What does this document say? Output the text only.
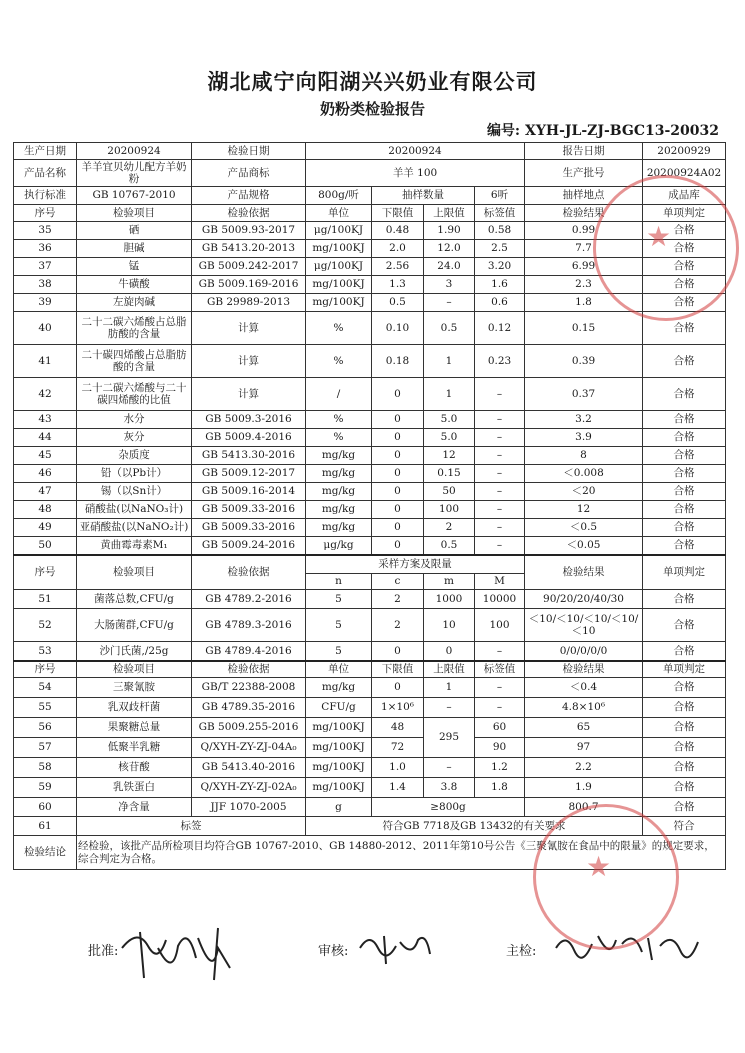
湖北咸宁向阳湖兴兴奶业有限公司
奶粉类检验报告
编号: XYH-JL-ZJ-BGC13-20032
生产日期	20200924	检验日期	20200924				报告日期	20200929
产品名称	羊羊宜贝幼儿配方羊奶粉	产品商标	羊羊 100				生产批号	20200924A02
执行标准	GB 10767-2010	产品规格	800g/听	抽样数量		6听	抽样地点	成品库
序号	检验项目	检验依据	单位	下限值	上限值	标签值	检验结果	单项判定
35	硒	GB 5009.93-2017	μg/100KJ	0.48	1.90	0.58	0.99	合格
36	胆碱	GB 5413.20-2013	mg/100KJ	2.0	12.0	2.5	7.7	合格
37	锰	GB 5009.242-2017	μg/100KJ	2.56	24.0	3.20	6.99	合格
38	牛磺酸	GB 5009.169-2016	mg/100KJ	1.3	3	1.6	2.3	合格
39	左旋肉碱	GB 29989-2013	mg/100KJ	0.5	–	0.6	1.8	合格
40	二十二碳六烯酸占总脂肪酸的含量	计算	%	0.10	0.5	0.12	0.15	合格
41	二十碳四烯酸占总脂肪酸的含量	计算	%	0.18	1	0.23	0.39	合格
42	二十二碳六烯酸与二十碳四烯酸的比值	计算	/	0	1	–	0.37	合格
43	水分	GB 5009.3-2016	%	0	5.0	–	3.2	合格
44	灰分	GB 5009.4-2016	%	0	5.0	–	3.9	合格
45	杂质度	GB 5413.30-2016	mg/kg	0	12	–	8	合格
46	铅（以Pb计）	GB 5009.12-2017	mg/kg	0	0.15	–	＜0.008	合格
47	锡（以Sn计）	GB 5009.16-2014	mg/kg	0	50	–	＜20	合格
48	硝酸盐(以NaNO₃计)	GB 5009.33-2016	mg/kg	0	100	–	12	合格
49	亚硝酸盐(以NaNO₂计)	GB 5009.33-2016	mg/kg	0	2	–	＜0.5	合格
50	黄曲霉毒素M₁	GB 5009.24-2016	μg/kg	0	0.5	–	＜0.05	合格
序号	检验项目	检验依据	采样方案及限量				检验结果	单项判定
			n	c	m	M		
51	菌落总数,CFU/g	GB 4789.2-2016	5	2	1000	10000	90/20/20/40/30	合格
52	大肠菌群,CFU/g	GB 4789.3-2016	5	2	10	100	＜10/＜10/＜10/＜10/＜10	合格
53	沙门氏菌,/25g	GB 4789.4-2016	5	0	0	–	0/0/0/0/0	合格
序号	检验项目	检验依据	单位	下限值	上限值	标签值	检验结果	单项判定
54	三聚氰胺	GB/T 22388-2008	mg/kg	0	1	–	＜0.4	合格
55	乳双歧杆菌	GB 4789.35-2016	CFU/g	1×10⁶	–	–	4.8×10⁶	合格
56	果聚糖总量	GB 5009.255-2016	mg/100KJ	48	295	60	65	合格
57	低聚半乳糖	Q/XYH-ZY-ZJ-04A₀	mg/100KJ	72		90	97	合格
58	核苷酸	GB 5413.40-2016	mg/100KJ	1.0	–	1.2	2.2	合格
59	乳铁蛋白	Q/XYH-ZY-ZJ-02A₀	mg/100KJ	1.4	3.8	1.8	1.9	合格
60	净含量	JJF 1070-2005	g	≥800g			800.7	合格
61	标签		符合GB 7718及GB 13432的有关要求					符合
检验结论	经检验，该批产品所检项目均符合GB 10767-2010、GB 14880-2012、2011年第10号公告《三聚氰胺在食品中的限量》的规定要求，综合判定为合格。							
批准:	审核:	主检:
★
★
